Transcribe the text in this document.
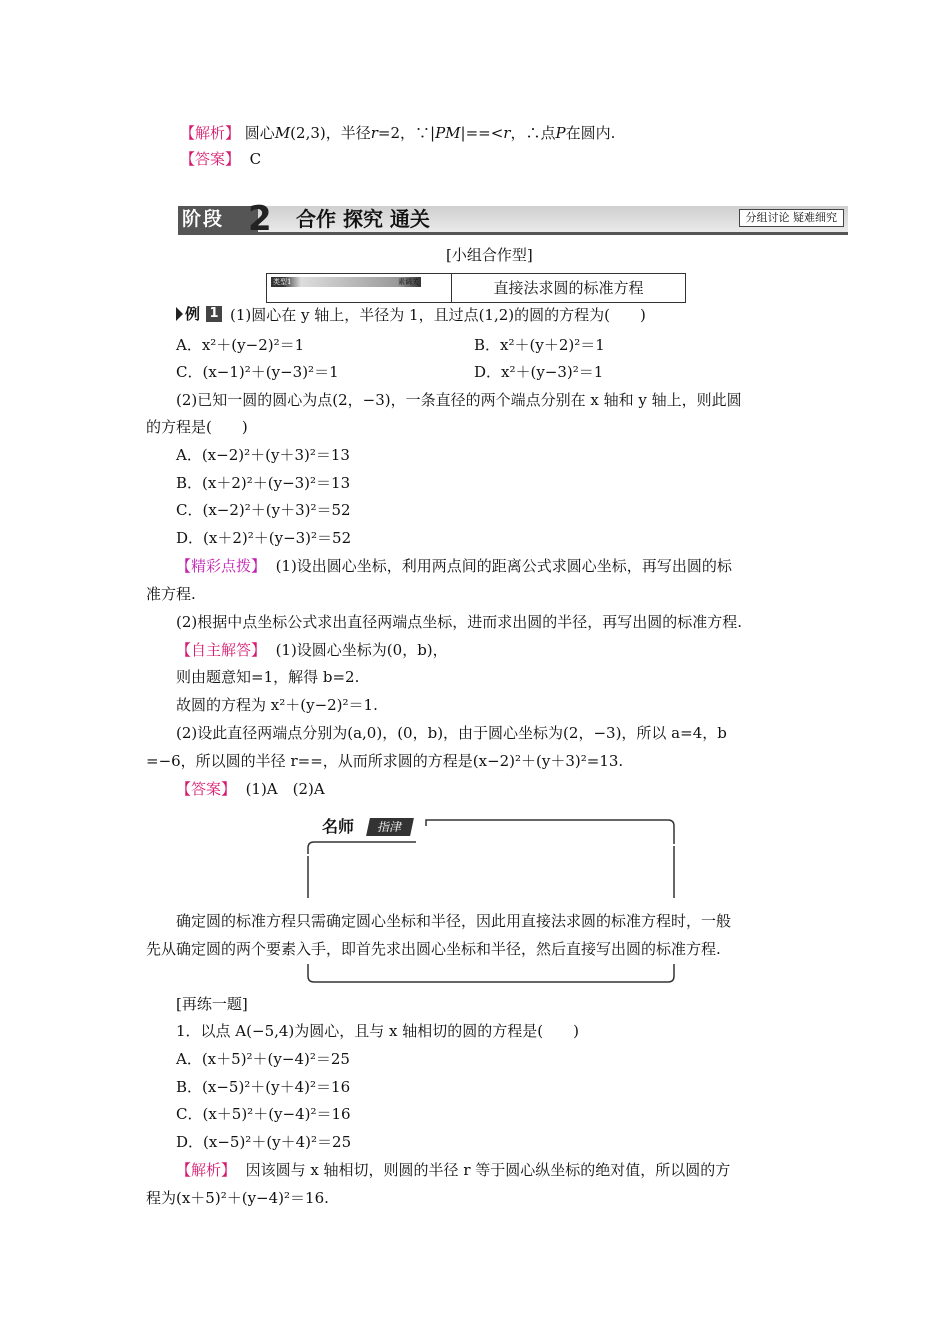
【解析】 圆心M(2,3)，半径r=2，∵|PM|==<r，∴点P在圆内.
【答案】 C
阶段 2 合作 探究 通关	分组讨论 疑难细究
[小组合作型]
类型1	素调关	直接法求圆的标准方程
例 1 (1)圆心在 y 轴上，半径为 1，且过点(1,2)的圆的方程为(　　)
A．x²＋(y−2)²＝1	B．x²＋(y＋2)²＝1
C．(x−1)²＋(y−3)²＝1	D．x²＋(y−3)²＝1
(2)已知一圆的圆心为点(2，−3)，一条直径的两个端点分别在 x 轴和 y 轴上，则此圆
的方程是(　　)
A．(x−2)²＋(y＋3)²＝13
B．(x＋2)²＋(y−3)²＝13
C．(x−2)²＋(y＋3)²＝52
D．(x＋2)²＋(y−3)²＝52
【精彩点拨】 (1)设出圆心坐标，利用两点间的距离公式求圆心坐标，再写出圆的标
准方程.
(2)根据中点坐标公式求出直径两端点坐标，进而求出圆的半径，再写出圆的标准方程.
【自主解答】 (1)设圆心坐标为(0，b)，
则由题意知=1，解得 b=2.
故圆的方程为 x²＋(y−2)²＝1.
(2)设此直径两端点分别为(a,0)，(0，b)，由于圆心坐标为(2，−3)，所以 a=4，b
=−6，所以圆的半径 r==，从而所求圆的方程是(x−2)²＋(y＋3)²=13.
【答案】 (1)A　(2)A
名师	指津
确定圆的标准方程只需确定圆心坐标和半径，因此用直接法求圆的标准方程时，一般
先从确定圆的两个要素入手，即首先求出圆心坐标和半径，然后直接写出圆的标准方程.
[再练一题]
1．以点 A(−5,4)为圆心，且与 x 轴相切的圆的方程是(　　)
A．(x＋5)²＋(y−4)²＝25
B．(x−5)²＋(y＋4)²＝16
C．(x＋5)²＋(y−4)²＝16
D．(x−5)²＋(y＋4)²＝25
【解析】 因该圆与 x 轴相切，则圆的半径 r 等于圆心纵坐标的绝对值，所以圆的方
程为(x＋5)²＋(y−4)²＝16.
